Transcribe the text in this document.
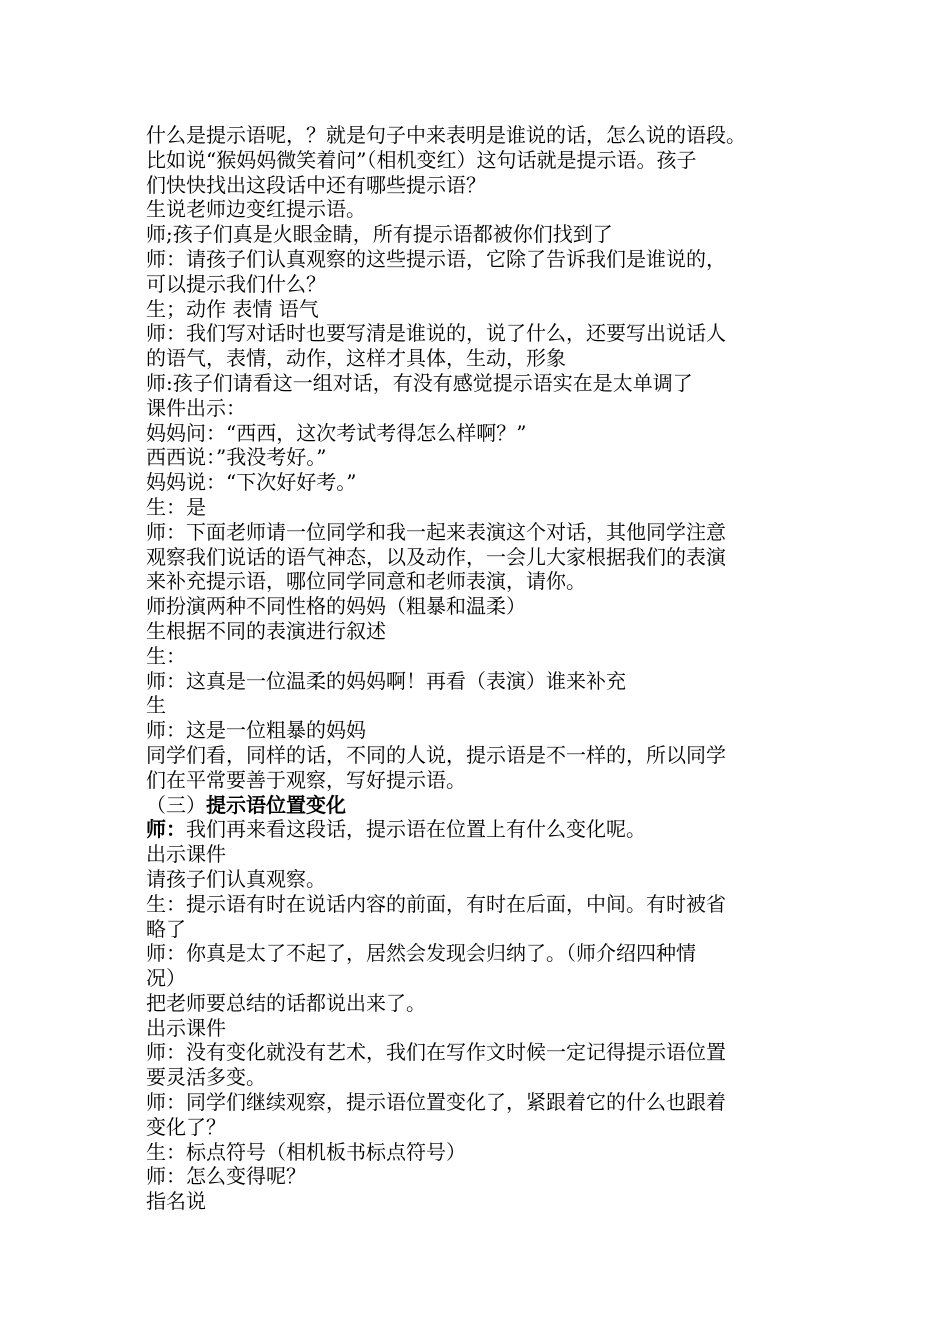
什么是提示语呢，？就是句子中来表明是谁说的话，怎么说的语段。
比如说“猴妈妈微笑着问”（相机变红）这句话就是提示语。孩子
们快快找出这段话中还有哪些提示语？
生说老师边变红提示语。
师;孩子们真是火眼金睛，所有提示语都被你们找到了
师：请孩子们认真观察的这些提示语，它除了告诉我们是谁说的，
可以提示我们什么？
生；动作 表情 语气
师：我们写对话时也要写清是谁说的，说了什么，还要写出说话人
的语气，表情，动作，这样才具体，生动，形象
师:孩子们请看这一组对话，有没有感觉提示语实在是太单调了
课件出示：
妈妈问：“西西，这次考试考得怎么样啊？”
西西说：”我没考好。”
妈妈说：“下次好好考。”
生：是
师：下面老师请一位同学和我一起来表演这个对话，其他同学注意
观察我们说话的语气神态，以及动作，一会儿大家根据我们的表演
来补充提示语，哪位同学同意和老师表演，请你。
师扮演两种不同性格的妈妈（粗暴和温柔）
生根据不同的表演进行叙述
生：
师：这真是一位温柔的妈妈啊！再看（表演）谁来补充
生
师：这是一位粗暴的妈妈
同学们看，同样的话，不同的人说，提示语是不一样的，所以同学
们在平常要善于观察，写好提示语。
（三）提示语位置变化
师：我们再来看这段话，提示语在位置上有什么变化呢。
出示课件
请孩子们认真观察。
生：提示语有时在说话内容的前面，有时在后面，中间。有时被省
略了
师：你真是太了不起了，居然会发现会归纳了。（师介绍四种情
况）
把老师要总结的话都说出来了。
出示课件
师：没有变化就没有艺术，我们在写作文时候一定记得提示语位置
要灵活多变。
师：同学们继续观察，提示语位置变化了，紧跟着它的什么也跟着
变化了？
生：标点符号（相机板书标点符号）
师：怎么变得呢？
指名说
